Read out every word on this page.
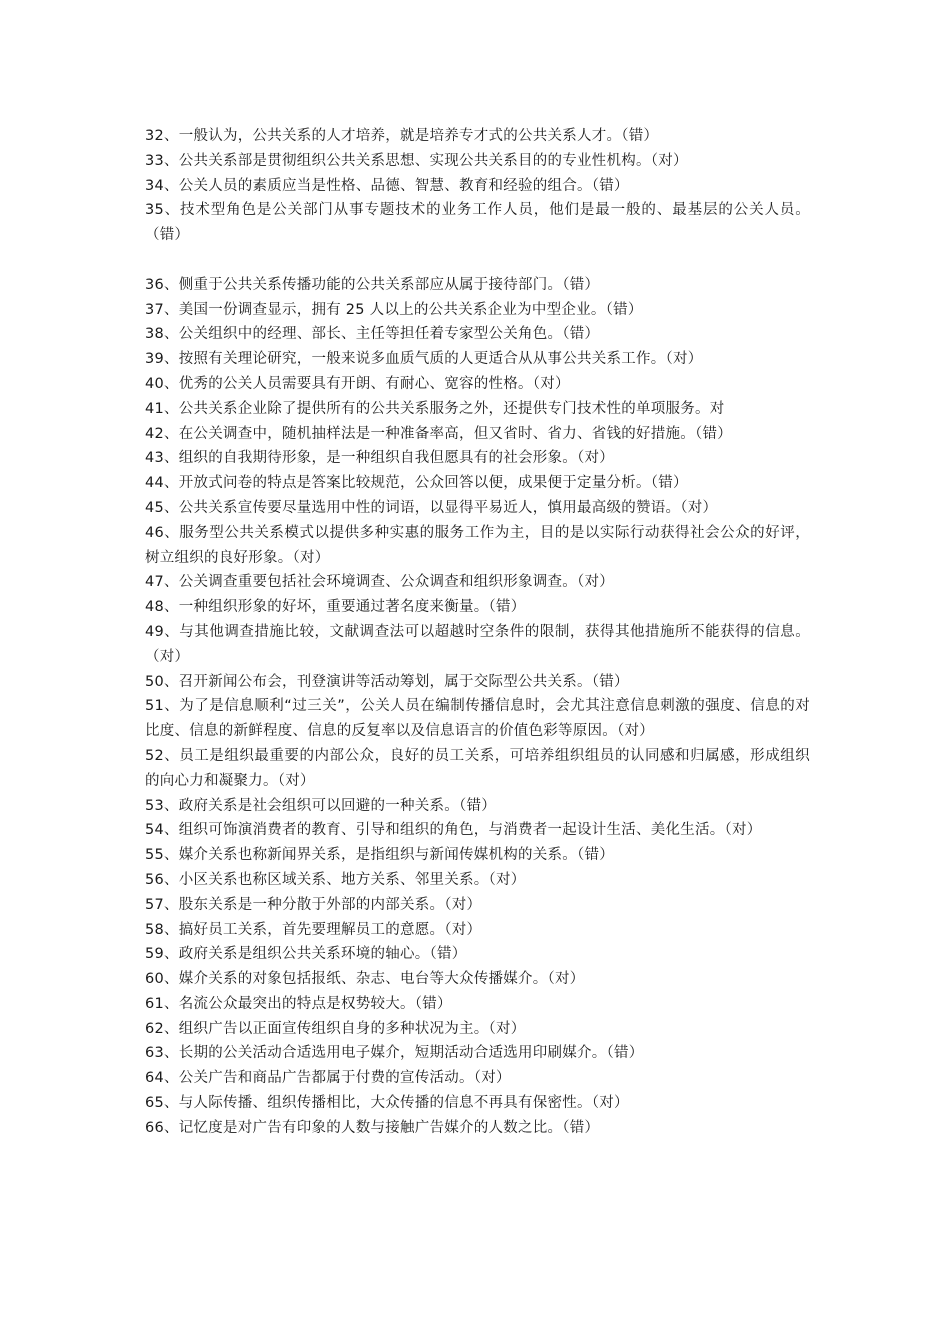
32、一般认为，公共关系的人才培养，就是培养专才式的公共关系人才。（错）

33、公共关系部是贯彻组织公共关系思想、实现公共关系目的的专业性机构。（对）

34、公关人员的素质应当是性格、品德、智慧、教育和经验的组合。（错）

35、技术型角色是公关部门从事专题技术的业务工作人员，他们是最一般的、最基层的公关人员。（错）

36、侧重于公共关系传播功能的公共关系部应从属于接待部门。（错）

37、美国一份调查显示，拥有 25 人以上的公共关系企业为中型企业。（错）

38、公关组织中的经理、部长、主任等担任着专家型公关角色。（错）

39、按照有关理论研究，一般来说多血质气质的人更适合从从事公共关系工作。（对）

40、优秀的公关人员需要具有开朗、有耐心、宽容的性格。（对）

41、公共关系企业除了提供所有的公共关系服务之外，还提供专门技术性的单项服务。对

42、在公关调查中，随机抽样法是一种准备率高，但又省时、省力、省钱的好措施。（错）

43、组织的自我期待形象，是一种组织自我但愿具有的社会形象。（对）

44、开放式问卷的特点是答案比较规范，公众回答以便，成果便于定量分析。（错）

45、公共关系宣传要尽量选用中性的词语，以显得平易近人，慎用最高级的赞语。（对）

46、服务型公共关系模式以提供多种实惠的服务工作为主，目的是以实际行动获得社会公众的好评，树立组织的良好形象。（对）

47、公关调查重要包括社会环境调查、公众调查和组织形象调查。（对）

48、一种组织形象的好坏，重要通过著名度来衡量。（错）

49、与其他调查措施比较，文献调查法可以超越时空条件的限制，获得其他措施所不能获得的信息。（对）

50、召开新闻公布会，刊登演讲等活动筹划，属于交际型公共关系。（错）

51、为了是信息顺利“过三关”，公关人员在编制传播信息时，会尤其注意信息刺激的强度、信息的对比度、信息的新鲜程度、信息的反复率以及信息语言的价值色彩等原因。（对）

52、员工是组织最重要的内部公众，良好的员工关系，可培养组织组员的认同感和归属感，形成组织的向心力和凝聚力。（对）

53、政府关系是社会组织可以回避的一种关系。（错）

54、组织可饰演消费者的教育、引导和组织的角色，与消费者一起设计生活、美化生活。（对）

55、媒介关系也称新闻界关系，是指组织与新闻传媒机构的关系。（错）

56、小区关系也称区域关系、地方关系、邻里关系。（对）

57、股东关系是一种分散于外部的内部关系。（对）

58、搞好员工关系，首先要理解员工的意愿。（对）

59、政府关系是组织公共关系环境的轴心。（错）

60、媒介关系的对象包括报纸、杂志、电台等大众传播媒介。（对）

61、名流公众最突出的特点是权势较大。（错）

62、组织广告以正面宣传组织自身的多种状况为主。（对）

63、长期的公关活动合适选用电子媒介，短期活动合适选用印刷媒介。（错）

64、公关广告和商品广告都属于付费的宣传活动。（对）

65、与人际传播、组织传播相比，大众传播的信息不再具有保密性。（对）

66、记忆度是对广告有印象的人数与接触广告媒介的人数之比。（错）
